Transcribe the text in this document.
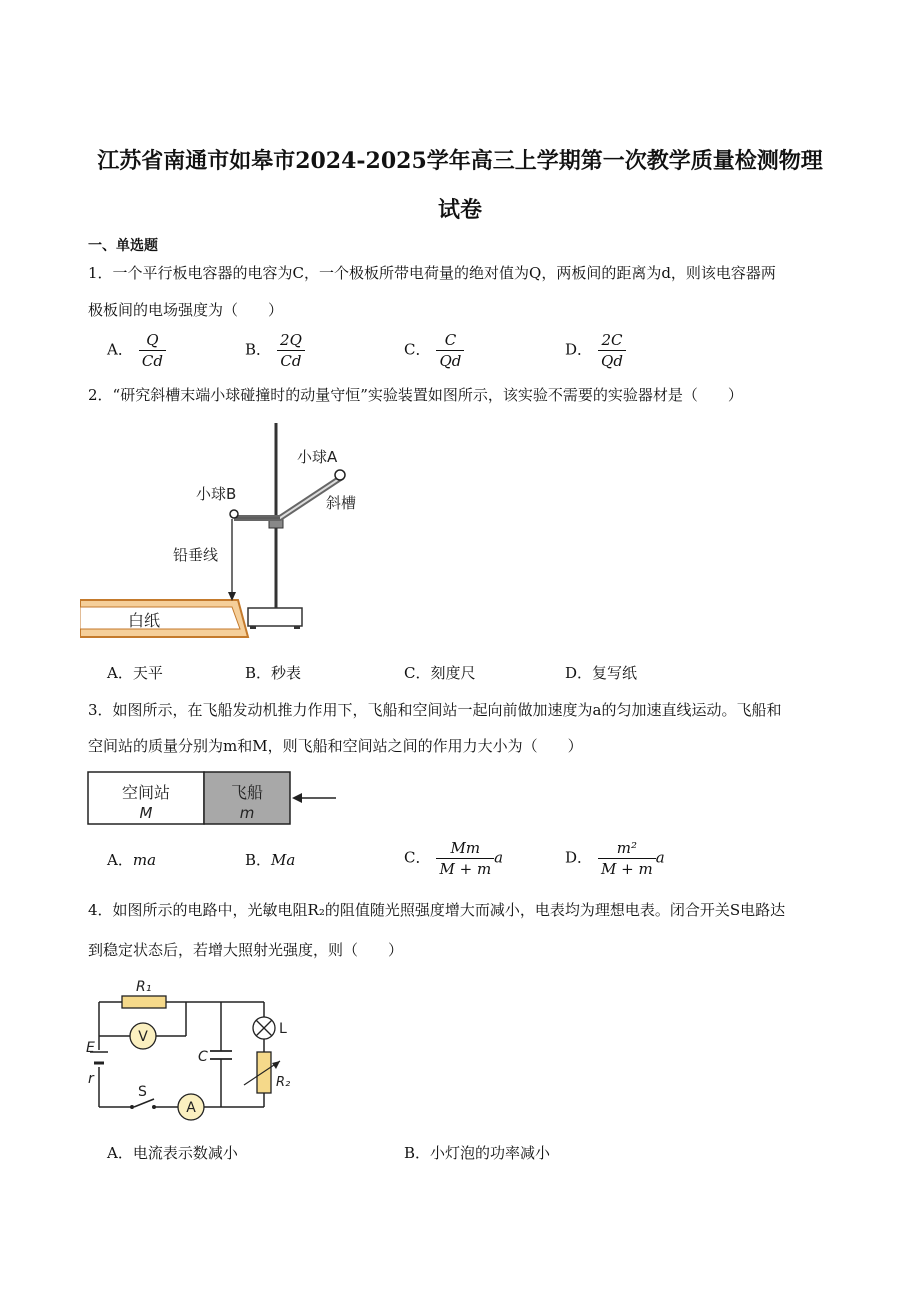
江苏省南通市如皋市2024-2025学年高三上学期第一次教学质量检测物理
试卷
一、单选题
1．一个平行板电容器的电容为C，一个极板所带电荷量的绝对值为Q，两板间的距离为d，则该电容器两
极板间的电场强度为（　　）
A． $\frac{Q}{Cd}$	B． $\frac{2Q}{Cd}$	C． $\frac{C}{Qd}$	D． $\frac{2C}{Qd}$
2．“研究斜槽末端小球碰撞时的动量守恒”实验装置如图所示，该实验不需要的实验器材是（　　）
白纸
小球A
小球B	斜槽
铅垂线
A．天平	B．秒表	C．刻度尺	D．复写纸
3．如图所示，在飞船发动机推力作用下，飞船和空间站一起向前做加速度为a的匀加速直线运动。飞船和
空间站的质量分别为m和M，则飞船和空间站之间的作用力大小为（　　）
空间站
M
飞船
m
A．ma	B．Ma	C． $\frac{Mm}{M + m}$ a	D． $\frac{\text{m²}}{M + m}$ a
4．如图所示的电路中，光敏电阻R₂的阻值随光照强度增大而减小，电表均为理想电表。闭合开关S电路达
到稳定状态后，若增大照射光强度，则（　　）
V
A
R₁
C
L
R₂
E
r
S
A．电流表示数减小	B．小灯泡的功率减小
